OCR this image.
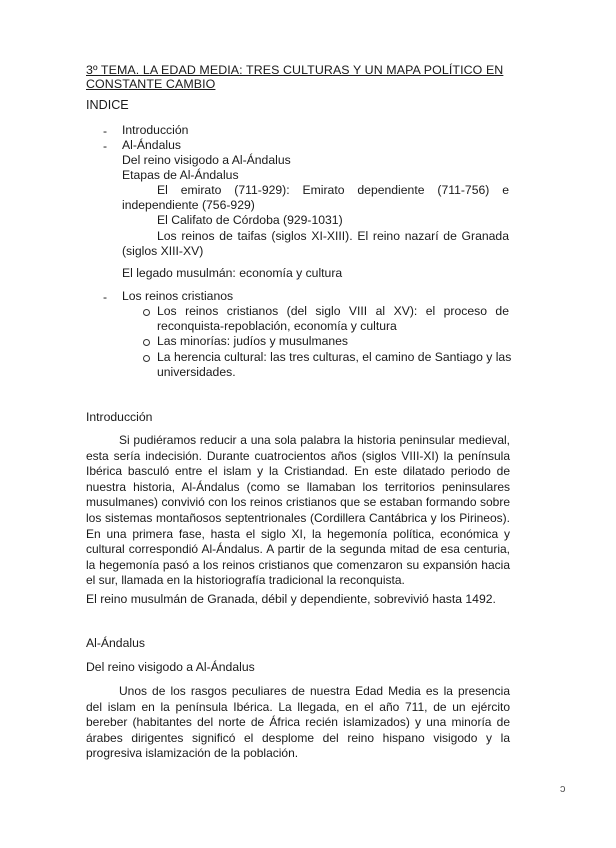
3º TEMA. LA EDAD MEDIA: TRES CULTURAS Y UN MAPA POLÍTICO EN CONSTANTE CAMBIO
INDICE
- Introducción
- Al-Ándalus
Del reino visigodo a Al-Ándalus
Etapas de Al-Ándalus
El emirato (711-929): Emirato dependiente (711-756) e
independiente (756-929)
El Califato de Córdoba (929-1031)
Los reinos de taifas (siglos XI-XIII). El reino nazarí de Granada
(siglos XIII-XV)
El legado musulmán: economía y cultura
- Los reinos cristianos
Los reinos cristianos (del siglo VIII al XV): el proceso de
reconquista-repoblación, economía y cultura
Las minorías: judíos y musulmanes
La herencia cultural: las tres culturas, el camino de Santiago y las
universidades.
Introducción
Si pudiéramos reducir a una sola palabra la historia peninsular medieval, esta sería indecisión. Durante cuatrocientos años (siglos VIII-XI) la península Ibérica basculó entre el islam y la Cristiandad. En este dilatado periodo de nuestra historia, Al-Ándalus (como se llamaban los territorios peninsulares musulmanes) convivió con los reinos cristianos que se estaban formando sobre los sistemas montañosos septentrionales (Cordillera Cantábrica y los Pirineos). En una primera fase, hasta el siglo XI, la hegemonía política, económica y cultural correspondió Al-Ándalus. A partir de la segunda mitad de esa centuria, la hegemonía pasó a los reinos cristianos que comenzaron su expansión hacia el sur, llamada en la historiografía tradicional la reconquista.
El reino musulmán de Granada, débil y dependiente, sobrevivió hasta 1492.
Al-Ándalus
Del reino visigodo a Al-Ándalus
Unos de los rasgos peculiares de nuestra Edad Media es la presencia del islam en la península Ibérica. La llegada, en el año 711, de un ejército bereber (habitantes del norte de África recién islamizados) y una minoría de árabes dirigentes significó el desplome del reino hispano visigodo y la progresiva islamización de la población.
ↄ
